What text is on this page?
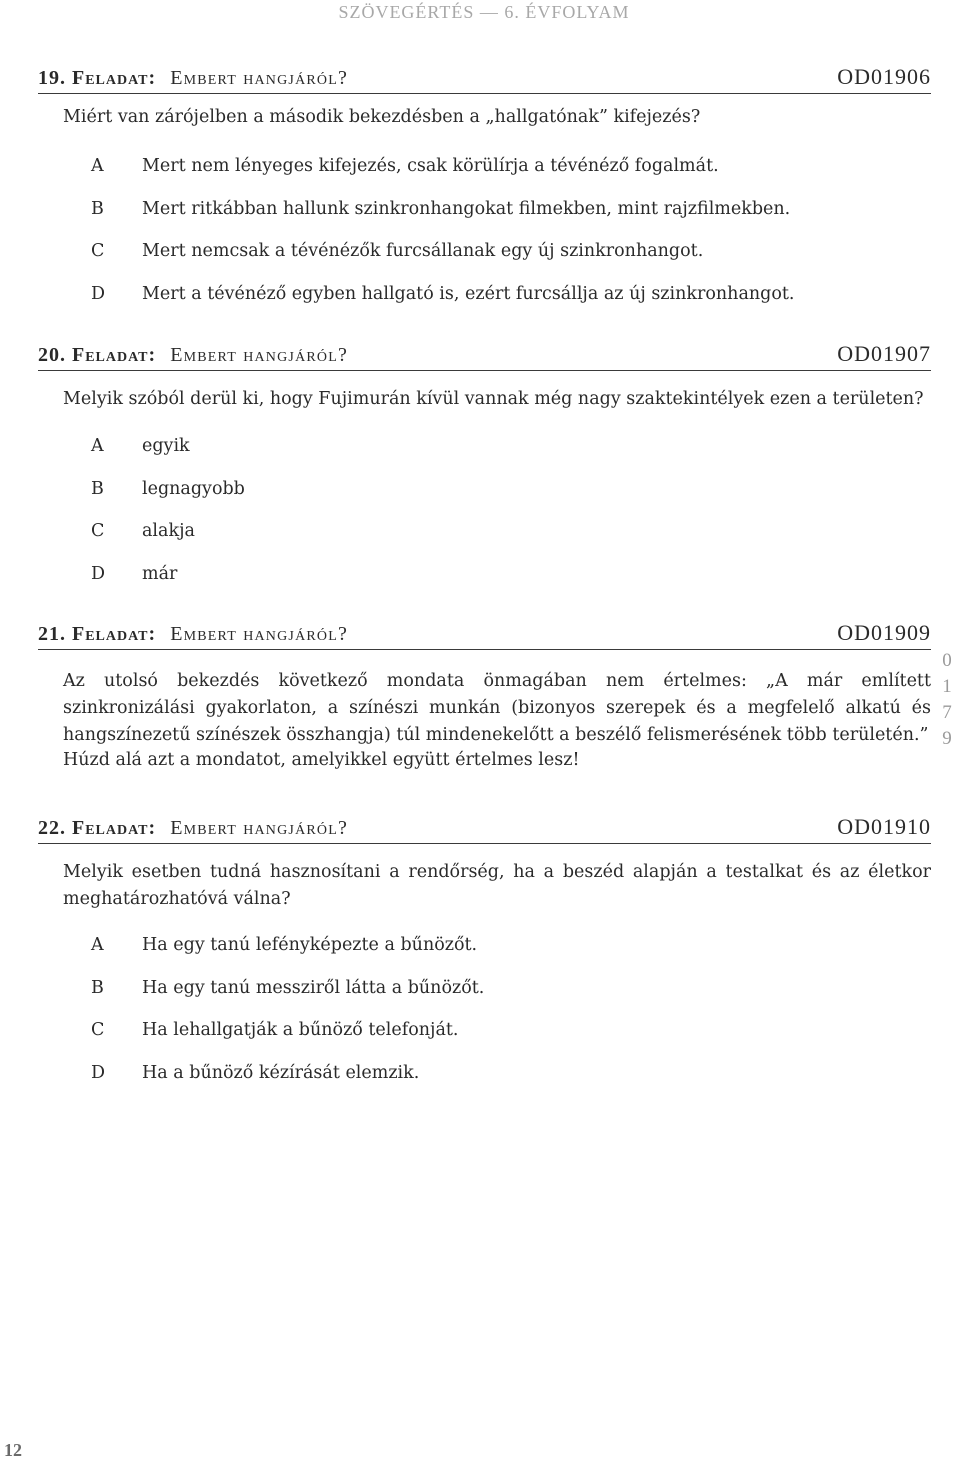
SZÖVEGÉRTÉS — 6. ÉVFOLYAM
19. Feladat: Embert hangjáról?	OD01906
Miért van zárójelben a második bekezdésben a „hallgatónak” kifejezés?
A	Mert nem lényeges kifejezés, csak körülírja a tévénéző fogalmát.
B	Mert ritkábban hallunk szinkronhangokat filmekben, mint rajzfilmekben.
C	Mert nemcsak a tévénézők furcsállanak egy új szinkronhangot.
D	Mert a tévénéző egyben hallgató is, ezért furcsállja az új szinkronhangot.
20. Feladat: Embert hangjáról?	OD01907
Melyik szóból derül ki, hogy Fujimurán kívül vannak még nagy szaktekintélyek ezen a területen?
A	egyik
B	legnagyobb
C	alakja
D	már
21. Feladat: Embert hangjáról?	OD01909
Az utolsó bekezdés következő mondata önmagában nem értelmes: „A már említett szinkronizálási gyakorlaton, a színészi munkán (bizonyos szerepek és a megfelelő alkatú és hangszínezetű színészek összhangja) túl mindenekelőtt a beszélő felismerésének több területén.”
Húzd alá azt a mondatot, amelyikkel együtt értelmes lesz!
0
1
7
9
22. Feladat: Embert hangjáról?	OD01910
Melyik esetben tudná hasznosítani a rendőrség, ha a beszéd alapján a testalkat és az életkor meghatározhatóvá válna?
A	Ha egy tanú lefényképezte a bűnözőt.
B	Ha egy tanú messziről látta a bűnözőt.
C	Ha lehallgatják a bűnöző telefonját.
D	Ha a bűnöző kézírását elemzik.
12
